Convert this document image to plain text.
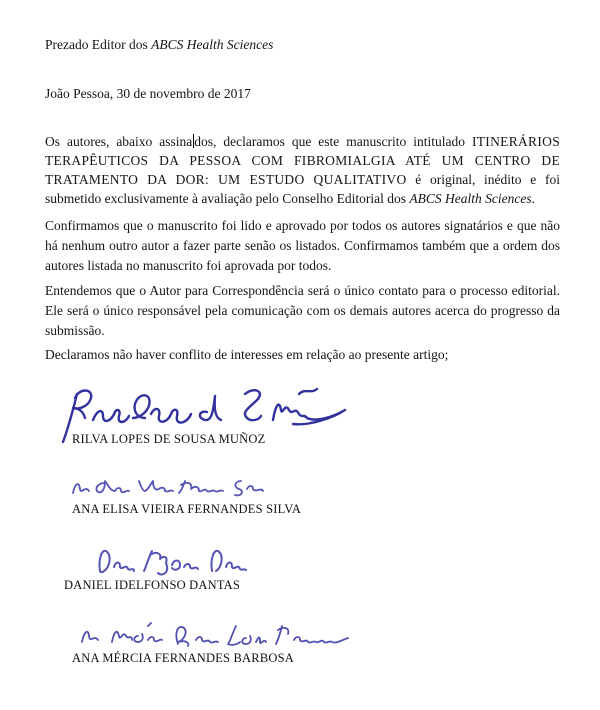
Prezado Editor dos ABCS Health Sciences
João Pessoa, 30 de novembro de 2017
Os autores, abaixo assina dos, declaramos que este manuscrito intitulado ITINERÁRIOS TERAPÊUTICOS DA PESSOA COM FIBROMIALGIA ATÉ UM CENTRO DE TRATAMENTO DA DOR: UM ESTUDO QUALITATIVO é original, inédito e foi submetido exclusivamente à avaliação pelo Conselho Editorial dos ABCS Health Sciences.
Confirmamos que o manuscrito foi lido e aprovado por todos os autores signatários e que não há nenhum outro autor a fazer parte senão os listados. Confirmamos também que a ordem dos autores listada no manuscrito foi aprovada por todos.
Entendemos que o Autor para Correspondência será o único contato para o processo editorial. Ele será o único responsável pela comunicação com os demais autores acerca do progresso da submissão.
Declaramos não haver conflito de interesses em relação ao presente artigo;
RILVA LOPES DE SOUSA MUÑOZ
ANA ELISA VIEIRA FERNANDES SILVA
DANIEL IDELFONSO DANTAS
ANA MÉRCIA FERNANDES BARBOSA
